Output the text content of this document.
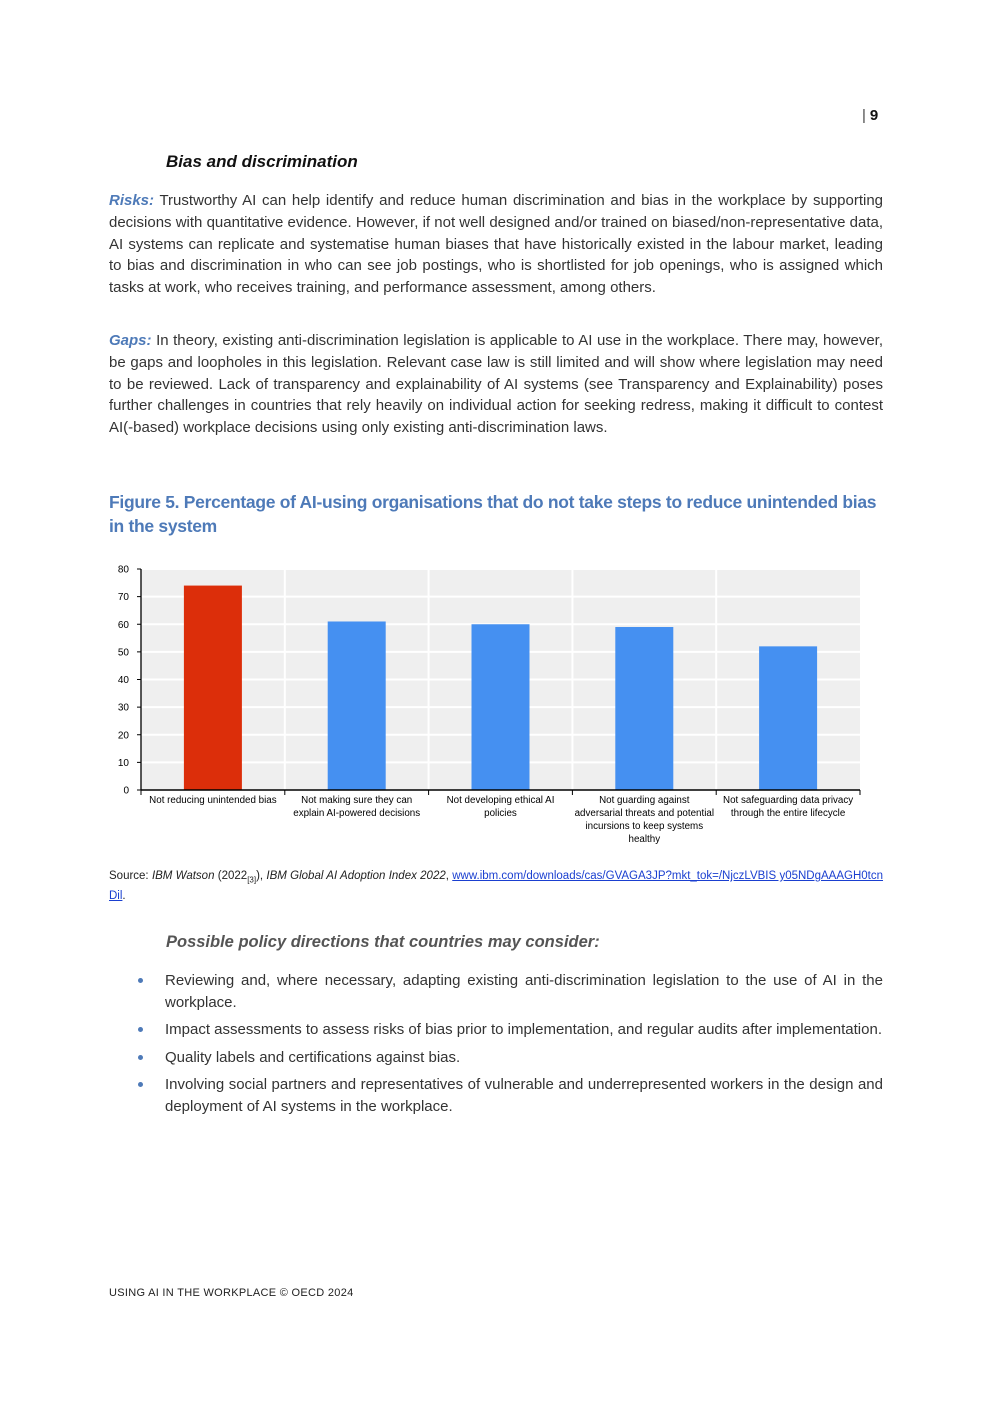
| 9
Bias and discrimination

Risks: Trustworthy AI can help identify and reduce human discrimination and bias in the workplace by supporting decisions with quantitative evidence. However, if not well designed and/or trained on biased/non-representative data, AI systems can replicate and systematise human biases that have historically existed in the labour market, leading to bias and discrimination in who can see job postings, who is shortlisted for job openings, who is assigned which tasks at work, who receives training, and performance assessment, among others.

Gaps: In theory, existing anti-discrimination legislation is applicable to AI use in the workplace. There may, however, be gaps and loopholes in this legislation. Relevant case law is still limited and will show where legislation may need to be reviewed. Lack of transparency and explainability of AI systems (see Transparency and Explainability) poses further challenges in countries that rely heavily on individual action for seeking redress, making it difficult to contest AI(-based) workplace decisions using only existing anti-discrimination laws.

Figure 5. Percentage of AI-using organisations that do not take steps to reduce unintended bias in the system
0
10
20
30
40
50
60
70
80
Not reducing unintended bias	Not making sure they can explain AI-powered decisions
Not developing ethical AI policies
Not guarding against adversarial threats and potential incursions to keep systems healthy
Not safeguarding data privacy through the entire lifecycle
Source: IBM Watson $(2022_{[3]})$, IBM Global AI Adoption Index 2022, www.ibm.com/downloads/cas/GVAGA3JP?mkt_tok=/NjczLVBIS y05NDgAAAGH0tcnDil.
Possible policy directions that countries may consider:
Reviewing and, where necessary, adapting existing anti-discrimination legislation to the use of AI in the workplace.
Impact assessments to assess risks of bias prior to implementation, and regular audits after implementation.
Quality labels and certifications against bias.
Involving social partners and representatives of vulnerable and underrepresented workers in the design and deployment of AI systems in the workplace.
USING AI IN THE WORKPLACE © OECD 2024
